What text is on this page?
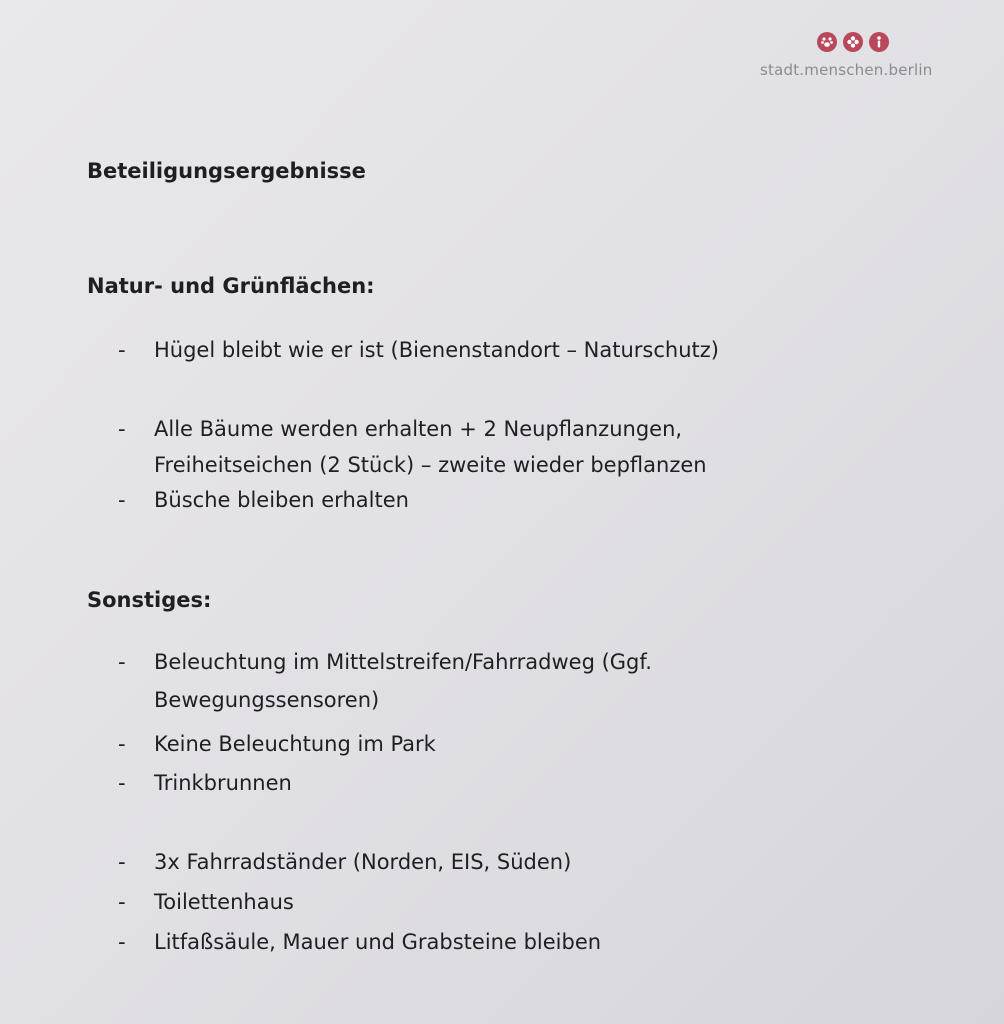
stadt.menschen.berlin
Beteiligungsergebnisse
Natur- und Grünflächen:
- Hügel bleibt wie er ist (Bienenstandort – Naturschutz)
- Alle Bäume werden erhalten + 2 Neupflanzungen,
Freiheitseichen (2 Stück) – zweite wieder bepflanzen
- Büsche bleiben erhalten
Sonstiges:
- Beleuchtung im Mittelstreifen/Fahrradweg (Ggf.
Bewegungssensoren)
- Keine Beleuchtung im Park
- Trinkbrunnen
- 3x Fahrradständer (Norden, EIS, Süden)
- Toilettenhaus
- Litfaßsäule, Mauer und Grabsteine bleiben
